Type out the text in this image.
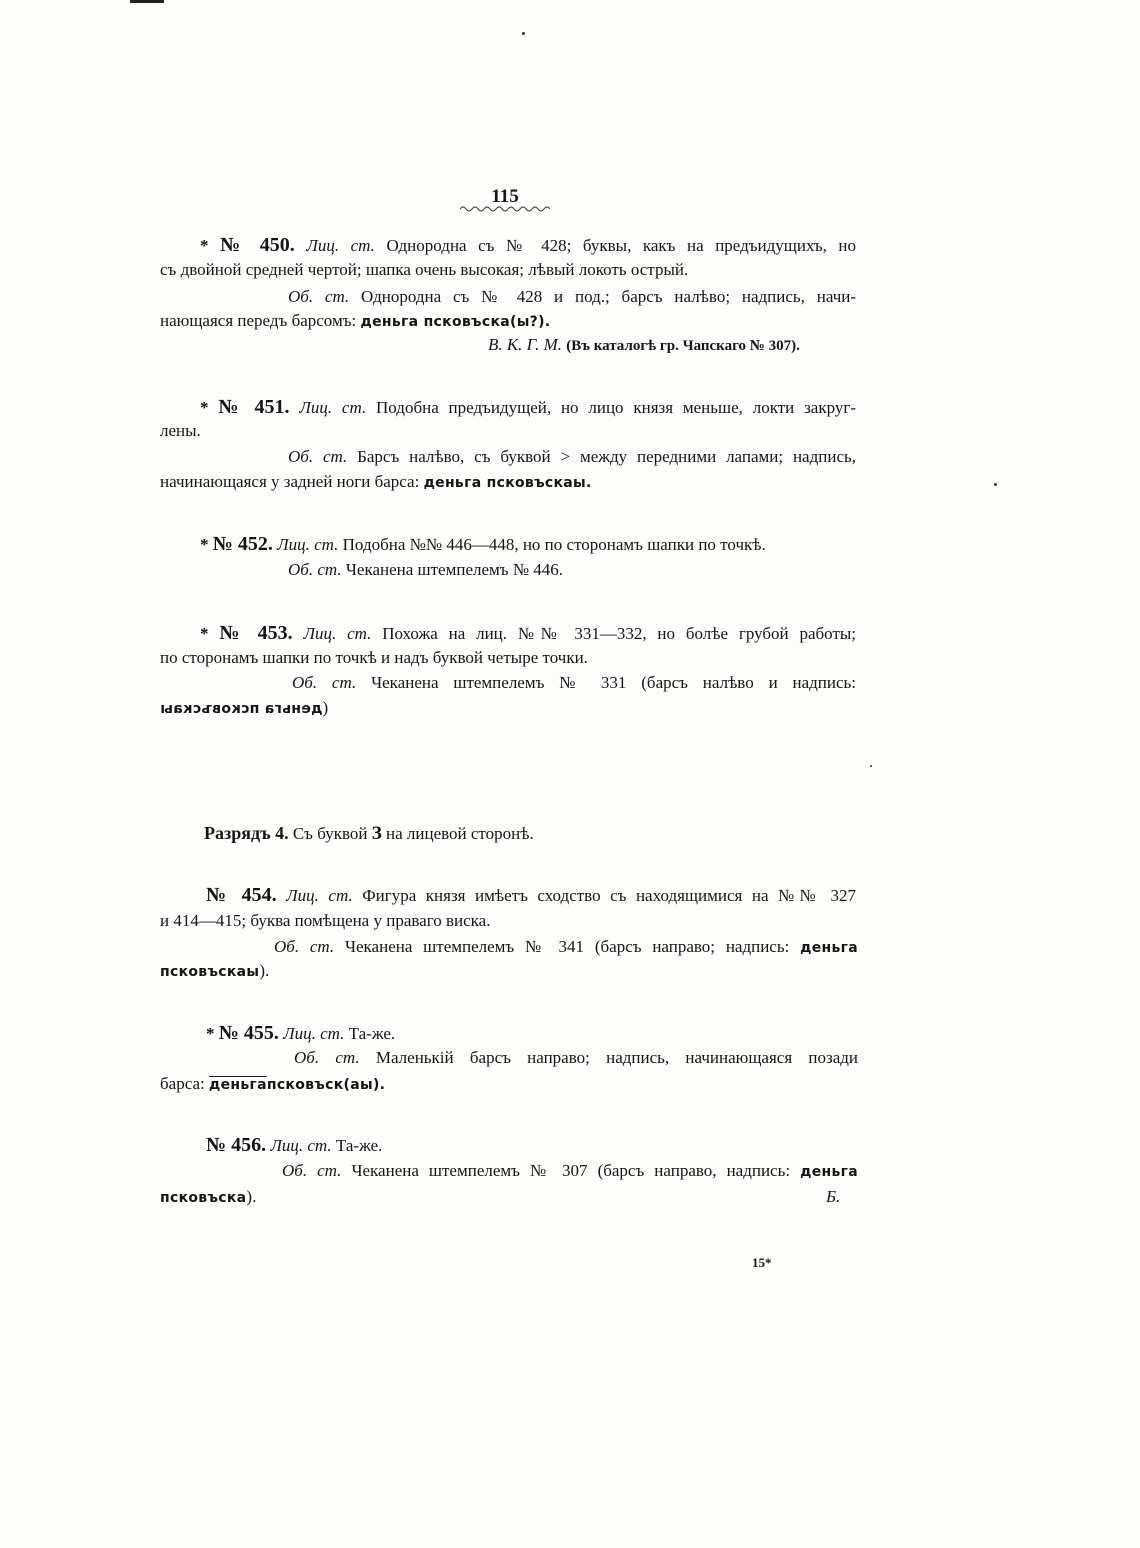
115
* № 450. Лиц. ст. Однородна съ № 428; буквы, какъ на предъидущихъ, но
съ двойной средней чертой; шапка очень высокая; лѣвый локоть острый.
Об. ст. Однородна съ № 428 и под.; барсъ налѣво; надпись, начи-
нающаяся передъ барсомъ: деньга псковъска(ы?).
В. К. Г. М. (Въ каталогѣ гр. Чапскаго № 307).
* № 451. Лиц. ст. Подобна предъидущей, но лицо князя меньше, локти закруг-
лены.
Об. ст. Барсъ налѣво, съ буквой > между передними лапами; надпись,
начинающаяся у задней ноги барса: деньга псковъскаы.
* № 452. Лиц. ст. Подобна №№ 446—448, но по сторонамъ шапки по точкѣ.
Об. ст. Чеканена штемпелемъ № 446.
* № 453. Лиц. ст. Похожа на лиц. №№ 331—332, но болѣе грубой работы;
по сторонамъ шапки по точкѣ и надъ буквой четыре точки.
Об. ст. Чеканена штемпелемъ № 331 (барсъ налѣво и надпись:
деньга псковъскаы)
Разрядъ 4. Съ буквой З на лицевой сторонѣ.
№ 454. Лиц. ст. Фигура князя имѣетъ сходство съ находящимися на №№ 327
и 414—415; буква помѣщена у праваго виска.
Об. ст. Чеканена штемпелемъ № 341 (барсъ направо; надпись: деньга
псковъскаы).
* № 455. Лиц. ст. Та-же.
Об. ст. Маленькій барсъ направо; надпись, начинающаяся позади
барса: деньгапсковъск(аы).
№ 456. Лиц. ст. Та-же.
Об. ст. Чеканена штемпелемъ № 307 (барсъ направо, надпись: деньга
псковъска).	Б.
15*
